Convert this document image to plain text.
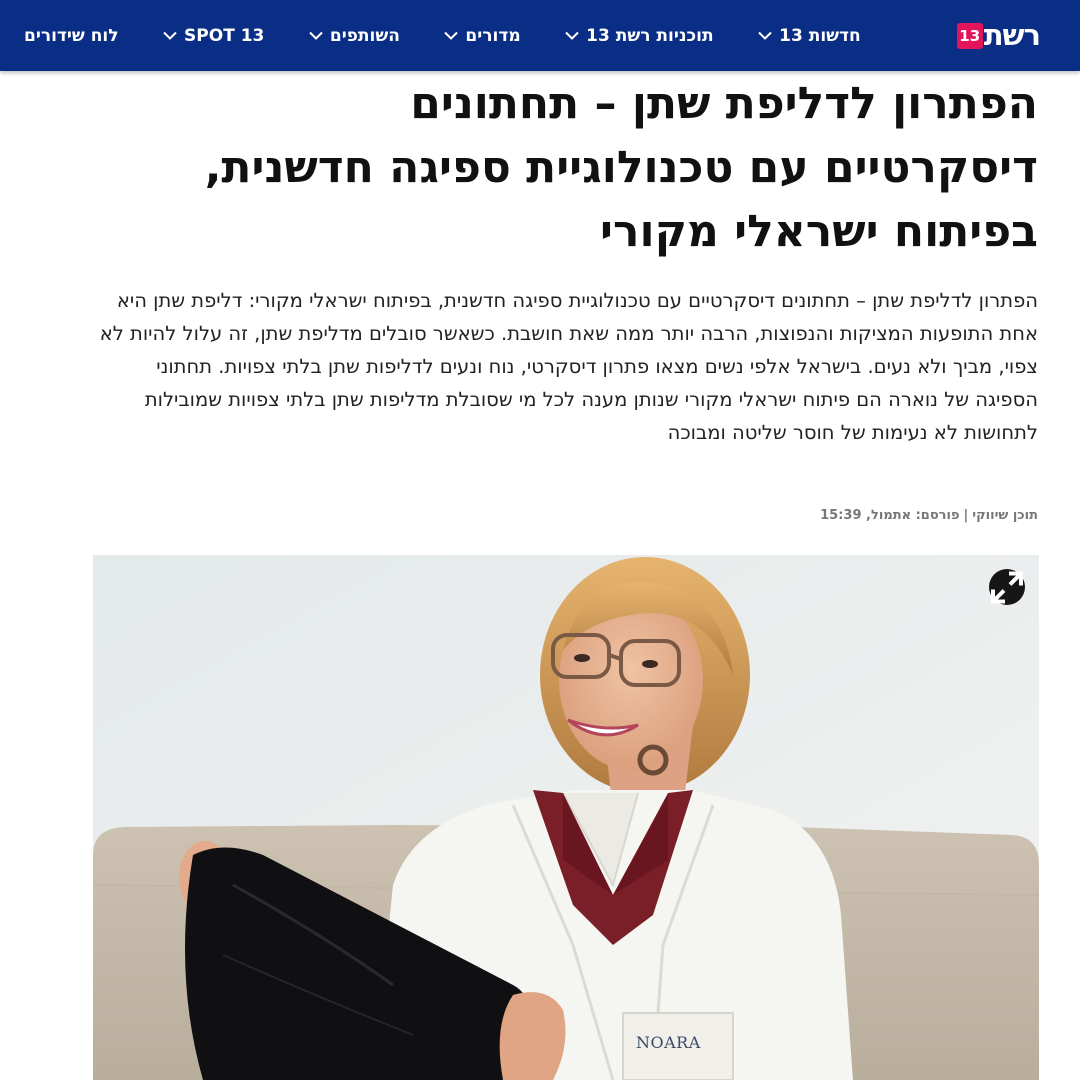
רשת
13
חדשות 13
תוכניות רשת 13
מדורים
השותפים
SPOT 13
לוח שידורים
הפתרון לדליפת שתן – תחתונים
דיסקרטיים עם טכנולוגיית ספיגה חדשנית,
בפיתוח ישראלי מקורי

הפתרון לדליפת שתן – תחתונים דיסקרטיים עם טכנולוגיית ספיגה חדשנית, בפיתוח ישראלי מקורי: דליפת שתן היא אחת התופעות המציקות והנפוצות, הרבה יותר ממה שאת חושבת. כשאשר סובלים מדליפת שתן, זה עלול להיות לא צפוי, מביך ולא נעים. בישראל אלפי נשים מצאו פתרון דיסקרטי, נוח ונעים לדליפות שתן בלתי צפויות. תחתוני הספיגה של נוארה הם פיתוח ישראלי מקורי שנותן מענה לכל מי שסובלת מדליפות שתן בלתי צפויות שמובילות לתחושות לא נעימות של חוסר שליטה ומבוכה

תוכן שיווקי|פורסם: אתמול, 15:39
NOARA
